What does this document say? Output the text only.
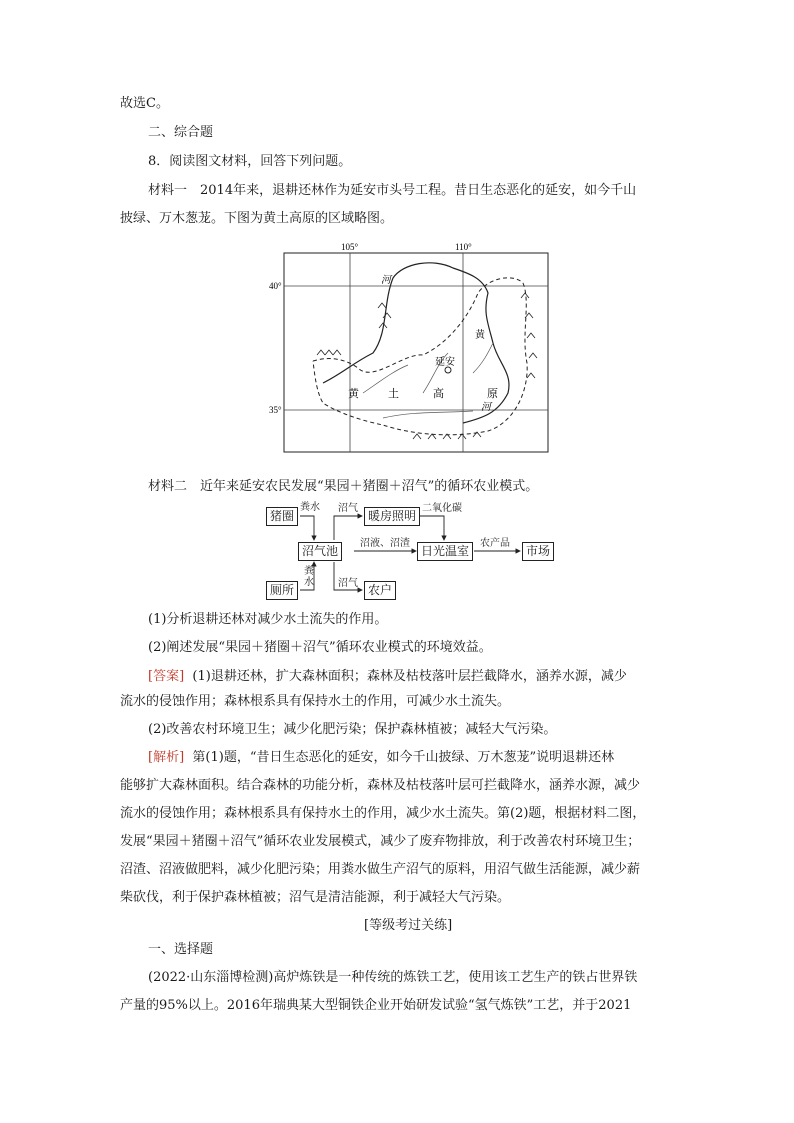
故选C。
二、综合题
8．阅读图文材料，回答下列问题。
材料一　2014年来，退耕还林作为延安市头号工程。昔日生态恶化的延安，如今千山
披绿、万木葱茏。下图为黄土高原的区域略图。
105°	110°
40°
35°
延安
河
河
黄
黄	土	高	原
材料二　近年来延安农民发展“果园＋猪圈＋沼气”的循环农业模式。
猪圈
厕所
沼气池
暖房照明
日光温室	市场
农户
粪水
粪
水
沼气
沼气
二氧化碳
沼液、沼渣	农产品
(1)分析退耕还林对减少水土流失的作用。
(2)阐述发展“果园＋猪圈＋沼气”循环农业模式的环境效益。
[答案] (1)退耕还林，扩大森林面积；森林及枯枝落叶层拦截降水，涵养水源，减少
流水的侵蚀作用；森林根系具有保持水土的作用，可减少水土流失。
(2)改善农村环境卫生；减少化肥污染；保护森林植被；减轻大气污染。
[解析] 第(1)题，“昔日生态恶化的延安，如今千山披绿、万木葱茏”说明退耕还林
能够扩大森林面积。结合森林的功能分析，森林及枯枝落叶层可拦截降水，涵养水源，减少
流水的侵蚀作用；森林根系具有保持水土的作用，减少水土流失。第(2)题，根据材料二图，
发展“果园＋猪圈＋沼气”循环农业发展模式，减少了废弃物排放，利于改善农村环境卫生；
沼渣、沼液做肥料，减少化肥污染；用粪水做生产沼气的原料，用沼气做生活能源，减少薪
柴砍伐，利于保护森林植被；沼气是清洁能源，利于减轻大气污染。
[等级考过关练]
一、选择题
(2022·山东淄博检测)高炉炼铁是一种传统的炼铁工艺，使用该工艺生产的铁占世界铁
产量的95%以上。2016年瑞典某大型铜铁企业开始研发试验“氢气炼铁”工艺，并于2021
